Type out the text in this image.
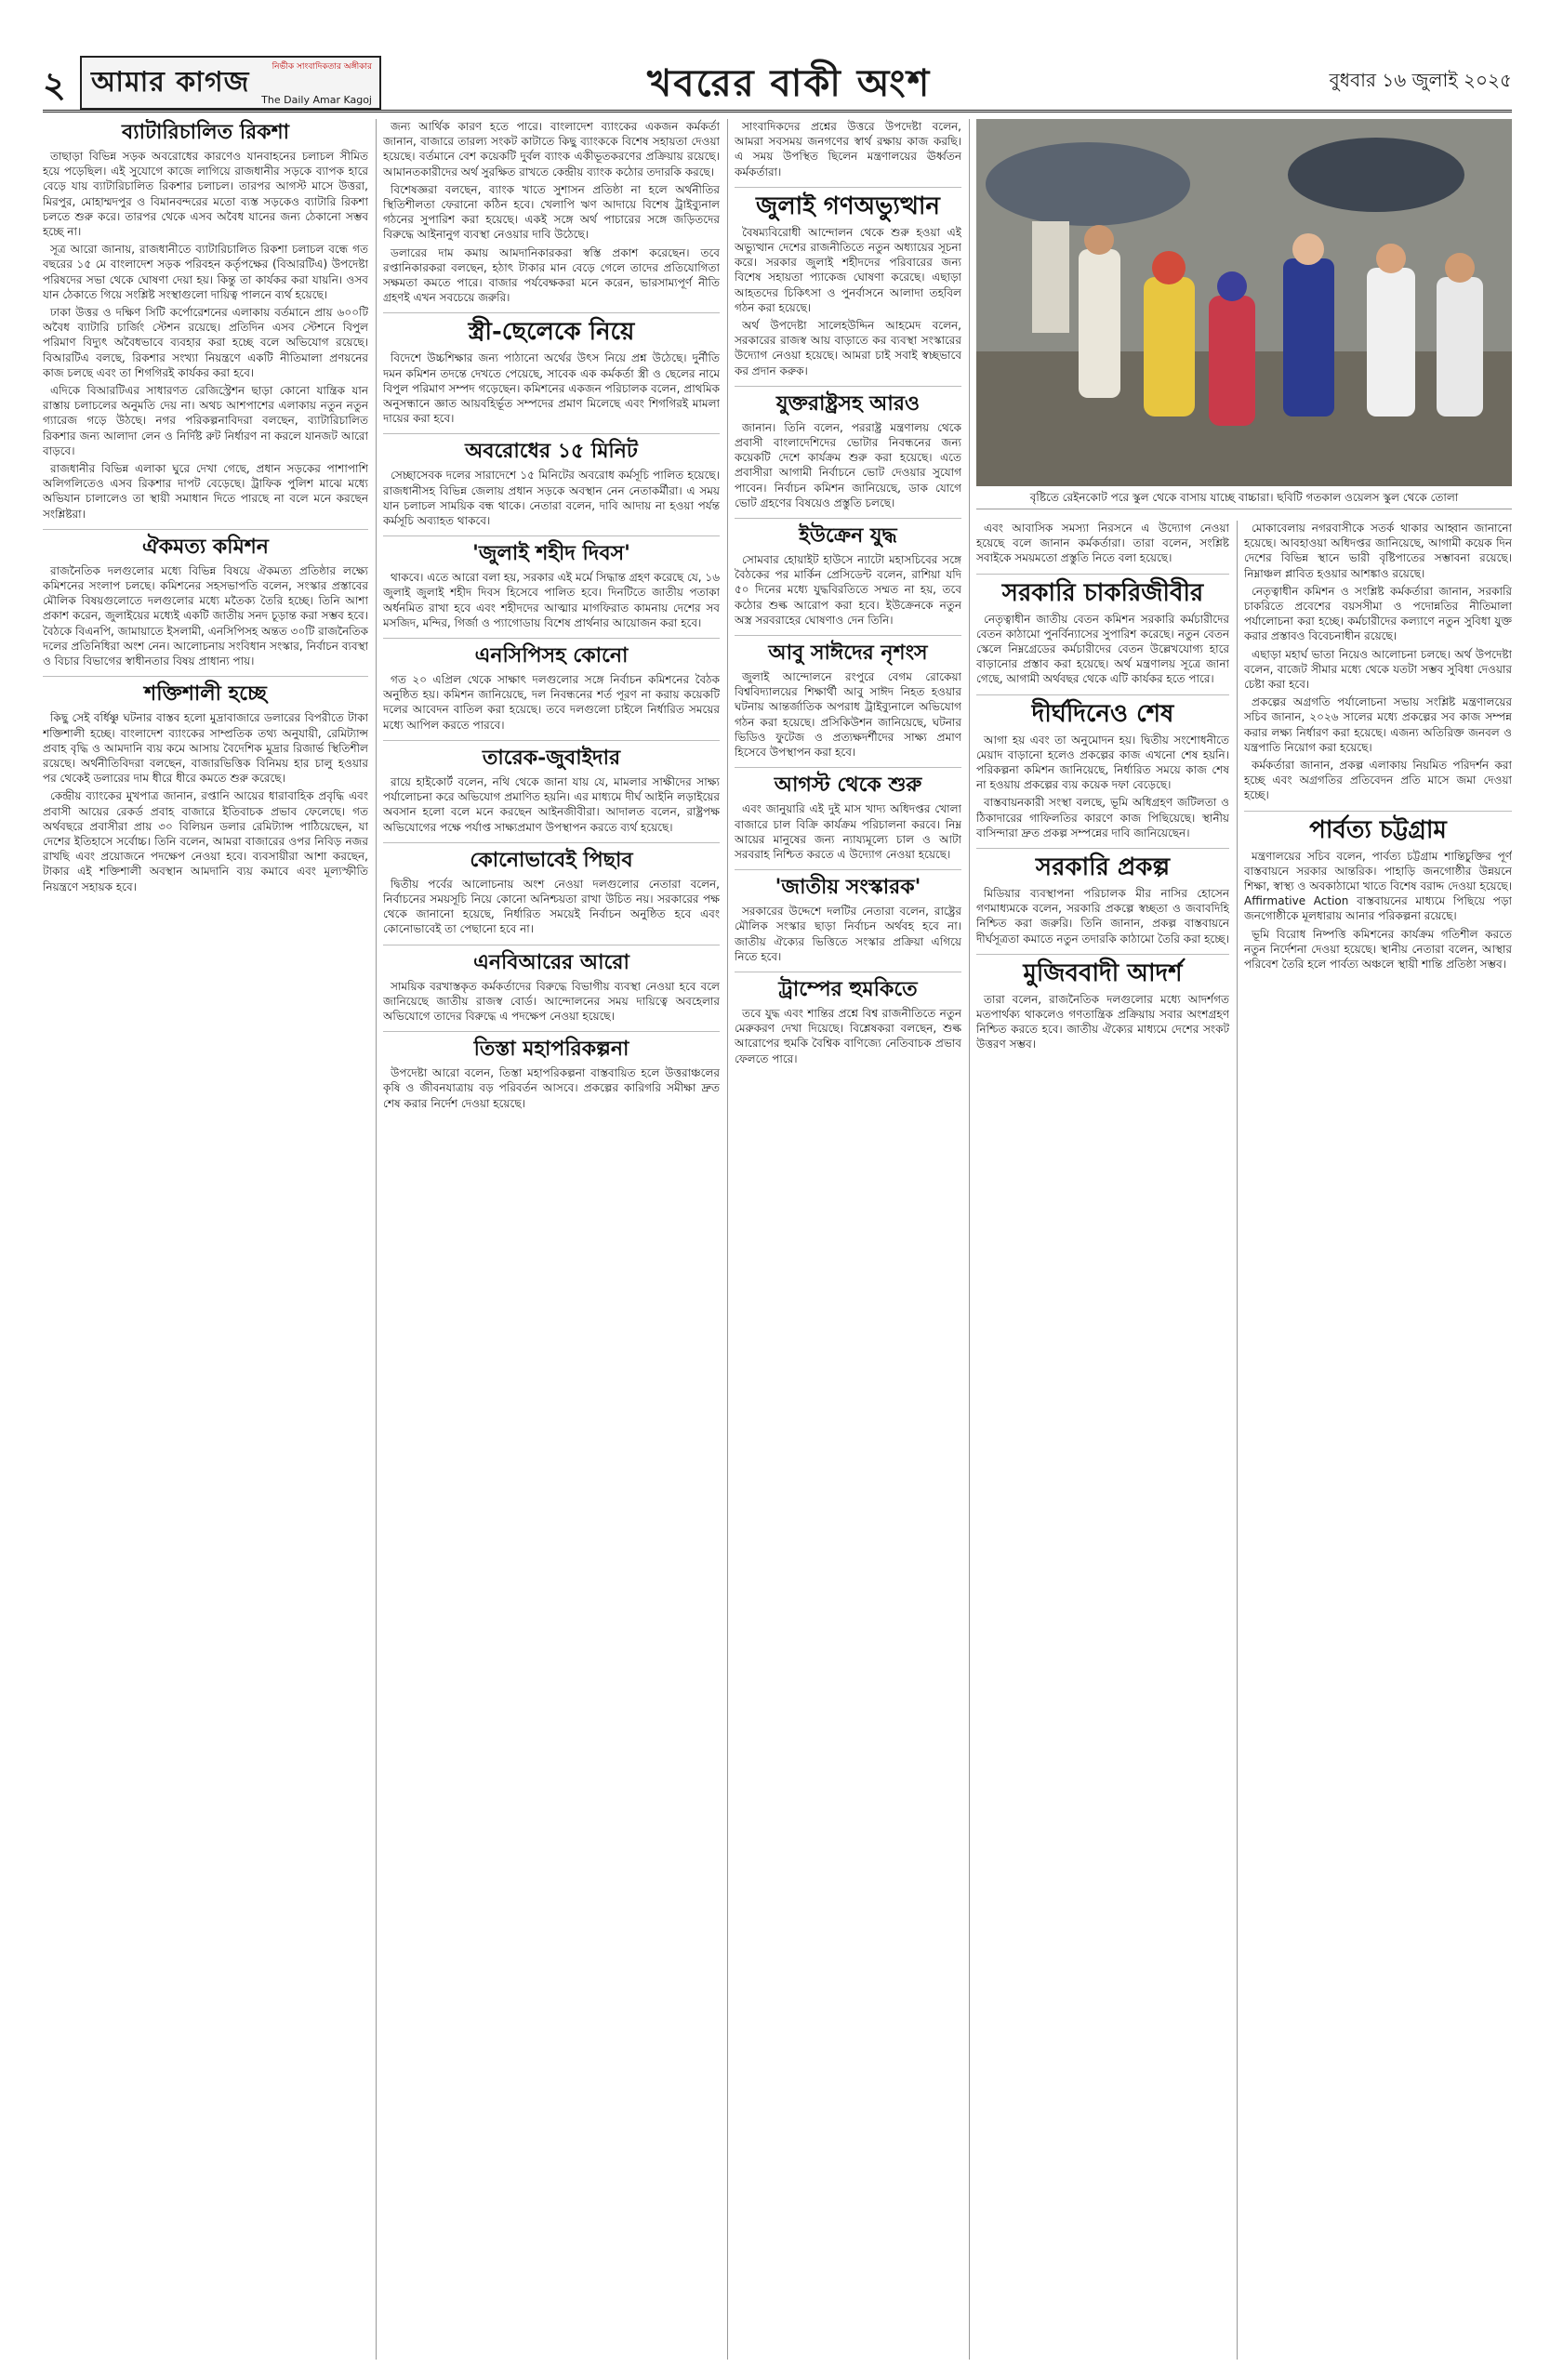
২	নির্ভীক সাংবাদিকতার অঙ্গীকার
আমার কাগজ
The Daily Amar Kagoj	খবরের বাকী অংশ	বুধবার ১৬ জুলাই ২০২৫
ব্যাটারিচালিত রিকশা

তাছাড়া বিভিন্ন সড়ক অবরোধের কারণেও যানবাহনের চলাচল সীমিত হয়ে পড়েছিল। এই সুযোগে কাজে লাগিয়ে রাজধানীর সড়কে ব্যাপক হারে বেড়ে যায় ব্যাটারিচালিত রিকশার চলাচল। তারপর আগস্ট মাসে উত্তরা, মিরপুর, মোহাম্মদপুর ও বিমানবন্দরের মতো ব্যস্ত সড়কেও ব্যাটারি রিকশা চলতে শুরু করে। তারপর থেকে এসব অবৈধ যানের জন্য ঠেকানো সম্ভব হচ্ছে না।

সূত্র আরো জানায়, রাজধানীতে ব্যাটারিচালিত রিকশা চলাচল বন্ধে গত বছরের ১৫ মে বাংলাদেশ সড়ক পরিবহন কর্তৃপক্ষের (বিআরটিএ) উপদেষ্টা পরিষদের সভা থেকে ঘোষণা দেয়া হয়। কিন্তু তা কার্যকর করা যায়নি। ওসব যান ঠেকাতে গিয়ে সংশ্লিষ্ট সংস্থাগুলো দায়িত্ব পালনে ব্যর্থ হয়েছে।

ঢাকা উত্তর ও দক্ষিণ সিটি কর্পোরেশনের এলাকায় বর্তমানে প্রায় ৬০০টি অবৈধ ব্যাটারি চার্জিং স্টেশন রয়েছে। প্রতিদিন এসব স্টেশনে বিপুল পরিমাণ বিদ্যুৎ অবৈধভাবে ব্যবহার করা হচ্ছে বলে অভিযোগ রয়েছে। বিআরটিএ বলছে, রিকশার সংখ্যা নিয়ন্ত্রণে একটি নীতিমালা প্রণয়নের কাজ চলছে এবং তা শিগগিরই কার্যকর করা হবে।

এদিকে বিআরটিএর সাধারণত রেজিস্ট্রেশন ছাড়া কোনো যান্ত্রিক যান রাস্তায় চলাচলের অনুমতি দেয় না। অথচ আশপাশের এলাকায় নতুন নতুন গ্যারেজ গড়ে উঠছে। নগর পরিকল্পনাবিদরা বলছেন, ব্যাটারিচালিত রিকশার জন্য আলাদা লেন ও নির্দিষ্ট রুট নির্ধারণ না করলে যানজট আরো বাড়বে।

রাজধানীর বিভিন্ন এলাকা ঘুরে দেখা গেছে, প্রধান সড়কের পাশাপাশি অলিগলিতেও এসব রিকশার দাপট বেড়েছে। ট্রাফিক পুলিশ মাঝে মধ্যে অভিযান চালালেও তা স্থায়ী সমাধান দিতে পারছে না বলে মনে করছেন সংশ্লিষ্টরা।

ঐকমত্য কমিশন

রাজনৈতিক দলগুলোর মধ্যে বিভিন্ন বিষয়ে ঐকমত্য প্রতিষ্ঠার লক্ষ্যে কমিশনের সংলাপ চলছে। কমিশনের সহসভাপতি বলেন, সংস্কার প্রস্তাবের মৌলিক বিষয়গুলোতে দলগুলোর মধ্যে মতৈক্য তৈরি হচ্ছে। তিনি আশা প্রকাশ করেন, জুলাইয়ের মধ্যেই একটি জাতীয় সনদ চূড়ান্ত করা সম্ভব হবে। বৈঠকে বিএনপি, জামায়াতে ইসলামী, এনসিপিসহ অন্তত ৩০টি রাজনৈতিক দলের প্রতিনিধিরা অংশ নেন। আলোচনায় সংবিধান সংস্কার, নির্বাচন ব্যবস্থা ও বিচার বিভাগের স্বাধীনতার বিষয় প্রাধান্য পায়।

শক্তিশালী হচ্ছে

কিছু সেই বর্ধিষ্ণু ঘটনার বাস্তব হলো মুদ্রাবাজারে ডলারের বিপরীতে টাকা শক্তিশালী হচ্ছে। বাংলাদেশ ব্যাংকের সাম্প্রতিক তথ্য অনুযায়ী, রেমিট্যান্স প্রবাহ বৃদ্ধি ও আমদানি ব্যয় কমে আসায় বৈদেশিক মুদ্রার রিজার্ভ স্থিতিশীল রয়েছে। অর্থনীতিবিদরা বলছেন, বাজারভিত্তিক বিনিময় হার চালু হওয়ার পর থেকেই ডলারের দাম ধীরে ধীরে কমতে শুরু করেছে।

কেন্দ্রীয় ব্যাংকের মুখপাত্র জানান, রপ্তানি আয়ের ধারাবাহিক প্রবৃদ্ধি এবং প্রবাসী আয়ের রেকর্ড প্রবাহ বাজারে ইতিবাচক প্রভাব ফেলেছে। গত অর্থবছরে প্রবাসীরা প্রায় ৩০ বিলিয়ন ডলার রেমিট্যান্স পাঠিয়েছেন, যা দেশের ইতিহাসে সর্বোচ্চ। তিনি বলেন, আমরা বাজারের ওপর নিবিড় নজর রাখছি এবং প্রয়োজনে পদক্ষেপ নেওয়া হবে। ব্যবসায়ীরা আশা করছেন, টাকার এই শক্তিশালী অবস্থান আমদানি ব্যয় কমাবে এবং মূল্যস্ফীতি নিয়ন্ত্রণে সহায়ক হবে।

জন্য আর্থিক কারণ হতে পারে। বাংলাদেশ ব্যাংকের একজন কর্মকর্তা জানান, বাজারে তারল্য সংকট কাটাতে কিছু ব্যাংককে বিশেষ সহায়তা দেওয়া হয়েছে। বর্তমানে বেশ কয়েকটি দুর্বল ব্যাংক একীভূতকরণের প্রক্রিয়ায় রয়েছে। আমানতকারীদের অর্থ সুরক্ষিত রাখতে কেন্দ্রীয় ব্যাংক কঠোর তদারকি করছে।

বিশেষজ্ঞরা বলছেন, ব্যাংক খাতে সুশাসন প্রতিষ্ঠা না হলে অর্থনীতির স্থিতিশীলতা ফেরানো কঠিন হবে। খেলাপি ঋণ আদায়ে বিশেষ ট্রাইব্যুনাল গঠনের সুপারিশ করা হয়েছে। একই সঙ্গে অর্থ পাচারের সঙ্গে জড়িতদের বিরুদ্ধে আইনানুগ ব্যবস্থা নেওয়ার দাবি উঠেছে।

ডলারের দাম কমায় আমদানিকারকরা স্বস্তি প্রকাশ করেছেন। তবে রপ্তানিকারকরা বলছেন, হঠাৎ টাকার মান বেড়ে গেলে তাদের প্রতিযোগিতা সক্ষমতা কমতে পারে। বাজার পর্যবেক্ষকরা মনে করেন, ভারসাম্যপূর্ণ নীতি গ্রহণই এখন সবচেয়ে জরুরি।

স্ত্রী-ছেলেকে নিয়ে

বিদেশে উচ্চশিক্ষার জন্য পাঠানো অর্থের উৎস নিয়ে প্রশ্ন উঠেছে। দুর্নীতি দমন কমিশন তদন্তে দেখতে পেয়েছে, সাবেক এক কর্মকর্তা স্ত্রী ও ছেলের নামে বিপুল পরিমাণ সম্পদ গড়েছেন। কমিশনের একজন পরিচালক বলেন, প্রাথমিক অনুসন্ধানে জ্ঞাত আয়বহির্ভূত সম্পদের প্রমাণ মিলেছে এবং শিগগিরই মামলা দায়ের করা হবে।

অবরোধের ১৫ মিনিট

সেচ্ছাসেবক দলের সারাদেশে ১৫ মিনিটের অবরোধ কর্মসূচি পালিত হয়েছে। রাজধানীসহ বিভিন্ন জেলায় প্রধান সড়কে অবস্থান নেন নেতাকর্মীরা। এ সময় যান চলাচল সাময়িক বন্ধ থাকে। নেতারা বলেন, দাবি আদায় না হওয়া পর্যন্ত কর্মসূচি অব্যাহত থাকবে।

'জুলাই শহীদ দিবস'

থাকবে। এতে আরো বলা হয়, সরকার এই মর্মে সিদ্ধান্ত গ্রহণ করেছে যে, ১৬ জুলাই জুলাই শহীদ দিবস হিসেবে পালিত হবে। দিনটিতে জাতীয় পতাকা অর্ধনমিত রাখা হবে এবং শহীদদের আত্মার মাগফিরাত কামনায় দেশের সব মসজিদ, মন্দির, গির্জা ও প্যাগোডায় বিশেষ প্রার্থনার আয়োজন করা হবে।

এনসিপিসহ কোনো

গত ২০ এপ্রিল থেকে সাক্ষাৎ দলগুলোর সঙ্গে নির্বাচন কমিশনের বৈঠক অনুষ্ঠিত হয়। কমিশন জানিয়েছে, দল নিবন্ধনের শর্ত পূরণ না করায় কয়েকটি দলের আবেদন বাতিল করা হয়েছে। তবে দলগুলো চাইলে নির্ধারিত সময়ের মধ্যে আপিল করতে পারবে।

তারেক-জুবাইদার

রায়ে হাইকোর্ট বলেন, নথি থেকে জানা যায় যে, মামলার সাক্ষীদের সাক্ষ্য পর্যালোচনা করে অভিযোগ প্রমাণিত হয়নি। এর মাধ্যমে দীর্ঘ আইনি লড়াইয়ের অবসান হলো বলে মনে করছেন আইনজীবীরা। আদালত বলেন, রাষ্ট্রপক্ষ অভিযোগের পক্ষে পর্যাপ্ত সাক্ষ্যপ্রমাণ উপস্থাপন করতে ব্যর্থ হয়েছে।

কোনোভাবেই পিছাব

দ্বিতীয় পর্বের আলোচনায় অংশ নেওয়া দলগুলোর নেতারা বলেন, নির্বাচনের সময়সূচি নিয়ে কোনো অনিশ্চয়তা রাখা উচিত নয়। সরকারের পক্ষ থেকে জানানো হয়েছে, নির্ধারিত সময়েই নির্বাচন অনুষ্ঠিত হবে এবং কোনোভাবেই তা পেছানো হবে না।

এনবিআরের আরো

সাময়িক বরখাস্তকৃত কর্মকর্তাদের বিরুদ্ধে বিভাগীয় ব্যবস্থা নেওয়া হবে বলে জানিয়েছে জাতীয় রাজস্ব বোর্ড। আন্দোলনের সময় দায়িত্বে অবহেলার অভিযোগে তাদের বিরুদ্ধে এ পদক্ষেপ নেওয়া হয়েছে।

তিস্তা মহাপরিকল্পনা

উপদেষ্টা আরো বলেন, তিস্তা মহাপরিকল্পনা বাস্তবায়িত হলে উত্তরাঞ্চলের কৃষি ও জীবনযাত্রায় বড় পরিবর্তন আসবে। প্রকল্পের কারিগরি সমীক্ষা দ্রুত শেষ করার নির্দেশ দেওয়া হয়েছে।

সাংবাদিকদের প্রশ্নের উত্তরে উপদেষ্টা বলেন, আমরা সবসময় জনগণের স্বার্থ রক্ষায় কাজ করছি। এ সময় উপস্থিত ছিলেন মন্ত্রণালয়ের ঊর্ধ্বতন কর্মকর্তারা।

জুলাই গণঅভ্যুত্থান

বৈষম্যবিরোধী আন্দোলন থেকে শুরু হওয়া এই অভ্যুত্থান দেশের রাজনীতিতে নতুন অধ্যায়ের সূচনা করে। সরকার জুলাই শহীদদের পরিবারের জন্য বিশেষ সহায়তা প্যাকেজ ঘোষণা করেছে। এছাড়া আহতদের চিকিৎসা ও পুনর্বাসনে আলাদা তহবিল গঠন করা হয়েছে।

অর্থ উপদেষ্টা সালেহউদ্দিন আহমেদ বলেন, সরকারের রাজস্ব আয় বাড়াতে কর ব্যবস্থা সংস্কারের উদ্যোগ নেওয়া হয়েছে। আমরা চাই সবাই স্বচ্ছভাবে কর প্রদান করুক।

যুক্তরাষ্ট্রসহ আরও

জানান। তিনি বলেন, পররাষ্ট্র মন্ত্রণালয় থেকে প্রবাসী বাংলাদেশিদের ভোটার নিবন্ধনের জন্য কয়েকটি দেশে কার্যক্রম শুরু করা হয়েছে। এতে প্রবাসীরা আগামী নির্বাচনে ভোট দেওয়ার সুযোগ পাবেন। নির্বাচন কমিশন জানিয়েছে, ডাক যোগে ভোট গ্রহণের বিষয়েও প্রস্তুতি চলছে।

ইউক্রেন যুদ্ধ

সোমবার হোয়াইট হাউসে ন্যাটো মহাসচিবের সঙ্গে বৈঠকের পর মার্কিন প্রেসিডেন্ট বলেন, রাশিয়া যদি ৫০ দিনের মধ্যে যুদ্ধবিরতিতে সম্মত না হয়, তবে কঠোর শুল্ক আরোপ করা হবে। ইউক্রেনকে নতুন অস্ত্র সরবরাহের ঘোষণাও দেন তিনি।

আবু সাঈদের নৃশংস

জুলাই আন্দোলনে রংপুরে বেগম রোকেয়া বিশ্ববিদ্যালয়ের শিক্ষার্থী আবু সাঈদ নিহত হওয়ার ঘটনায় আন্তর্জাতিক অপরাধ ট্রাইব্যুনালে অভিযোগ গঠন করা হয়েছে। প্রসিকিউশন জানিয়েছে, ঘটনার ভিডিও ফুটেজ ও প্রত্যক্ষদর্শীদের সাক্ষ্য প্রমাণ হিসেবে উপস্থাপন করা হবে।

আগস্ট থেকে শুরু

এবং জানুয়ারি এই দুই মাস খাদ্য অধিদপ্তর খোলা বাজারে চাল বিক্রি কার্যক্রম পরিচালনা করবে। নিম্ন আয়ের মানুষের জন্য ন্যায্যমূল্যে চাল ও আটা সরবরাহ নিশ্চিত করতে এ উদ্যোগ নেওয়া হয়েছে।

'জাতীয় সংস্কারক'

সরকারের উদ্দেশে দলটির নেতারা বলেন, রাষ্ট্রের মৌলিক সংস্কার ছাড়া নির্বাচন অর্থবহ হবে না। জাতীয় ঐক্যের ভিত্তিতে সংস্কার প্রক্রিয়া এগিয়ে নিতে হবে।

ট্রাম্পের হুমকিতে

তবে যুদ্ধ এবং শান্তির প্রশ্নে বিশ্ব রাজনীতিতে নতুন মেরুকরণ দেখা দিয়েছে। বিশ্লেষকরা বলছেন, শুল্ক আরোপের হুমকি বৈশ্বিক বাণিজ্যে নেতিবাচক প্রভাব ফেলতে পারে।

বৃষ্টিতে রেইনকোট পরে স্কুল থেকে বাসায় যাচ্ছে বাচ্চারা। ছবিটি গতকাল ওয়েলস স্কুল থেকে তোলা

এবং আবাসিক সমস্যা নিরসনে এ উদ্যোগ নেওয়া হয়েছে বলে জানান কর্মকর্তারা। তারা বলেন, সংশ্লিষ্ট সবাইকে সময়মতো প্রস্তুতি নিতে বলা হয়েছে।

সরকারি চাকরিজীবীর

নেতৃত্বাধীন জাতীয় বেতন কমিশন সরকারি কর্মচারীদের বেতন কাঠামো পুনর্বিন্যাসের সুপারিশ করেছে। নতুন বেতন স্কেলে নিম্নগ্রেডের কর্মচারীদের বেতন উল্লেখযোগ্য হারে বাড়ানোর প্রস্তাব করা হয়েছে। অর্থ মন্ত্রণালয় সূত্রে জানা গেছে, আগামী অর্থবছর থেকে এটি কার্যকর হতে পারে।

দীর্ঘদিনেও শেষ

আগা হয় এবং তা অনুমোদন হয়। দ্বিতীয় সংশোধনীতে মেয়াদ বাড়ানো হলেও প্রকল্পের কাজ এখনো শেষ হয়নি। পরিকল্পনা কমিশন জানিয়েছে, নির্ধারিত সময়ে কাজ শেষ না হওয়ায় প্রকল্পের ব্যয় কয়েক দফা বেড়েছে।

বাস্তবায়নকারী সংস্থা বলছে, ভূমি অধিগ্রহণ জটিলতা ও ঠিকাদারের গাফিলতির কারণে কাজ পিছিয়েছে। স্থানীয় বাসিন্দারা দ্রুত প্রকল্প সম্পন্নের দাবি জানিয়েছেন।

সরকারি প্রকল্প

মিডিয়ার ব্যবস্থাপনা পরিচালক মীর নাসির হোসেন গণমাধ্যমকে বলেন, সরকারি প্রকল্পে স্বচ্ছতা ও জবাবদিহি নিশ্চিত করা জরুরি। তিনি জানান, প্রকল্প বাস্তবায়নে দীর্ঘসূত্রতা কমাতে নতুন তদারকি কাঠামো তৈরি করা হচ্ছে।

মুজিববাদী আদর্শ

তারা বলেন, রাজনৈতিক দলগুলোর মধ্যে আদর্শগত মতপার্থক্য থাকলেও গণতান্ত্রিক প্রক্রিয়ায় সবার অংশগ্রহণ নিশ্চিত করতে হবে। জাতীয় ঐক্যের মাধ্যমে দেশের সংকট উত্তরণ সম্ভব।

মোকাবেলায় নগরবাসীকে সতর্ক থাকার আহ্বান জানানো হয়েছে। আবহাওয়া অধিদপ্তর জানিয়েছে, আগামী কয়েক দিন দেশের বিভিন্ন স্থানে ভারী বৃষ্টিপাতের সম্ভাবনা রয়েছে। নিম্নাঞ্চল প্লাবিত হওয়ার আশঙ্কাও রয়েছে।

নেতৃত্বাধীন কমিশন ও সংশ্লিষ্ট কর্মকর্তারা জানান, সরকারি চাকরিতে প্রবেশের বয়সসীমা ও পদোন্নতির নীতিমালা পর্যালোচনা করা হচ্ছে। কর্মচারীদের কল্যাণে নতুন সুবিধা যুক্ত করার প্রস্তাবও বিবেচনাধীন রয়েছে।

এছাড়া মহার্ঘ ভাতা নিয়েও আলোচনা চলছে। অর্থ উপদেষ্টা বলেন, বাজেট সীমার মধ্যে থেকে যতটা সম্ভব সুবিধা দেওয়ার চেষ্টা করা হবে।

প্রকল্পের অগ্রগতি পর্যালোচনা সভায় সংশ্লিষ্ট মন্ত্রণালয়ের সচিব জানান, ২০২৬ সালের মধ্যে প্রকল্পের সব কাজ সম্পন্ন করার লক্ষ্য নির্ধারণ করা হয়েছে। এজন্য অতিরিক্ত জনবল ও যন্ত্রপাতি নিয়োগ করা হয়েছে।

কর্মকর্তারা জানান, প্রকল্প এলাকায় নিয়মিত পরিদর্শন করা হচ্ছে এবং অগ্রগতির প্রতিবেদন প্রতি মাসে জমা দেওয়া হচ্ছে।

পার্বত্য চট্টগ্রাম

মন্ত্রণালয়ের সচিব বলেন, পার্বত্য চট্টগ্রাম শান্তিচুক্তির পূর্ণ বাস্তবায়নে সরকার আন্তরিক। পাহাড়ি জনগোষ্ঠীর উন্নয়নে শিক্ষা, স্বাস্থ্য ও অবকাঠামো খাতে বিশেষ বরাদ্দ দেওয়া হয়েছে। Affirmative Action বাস্তবায়নের মাধ্যমে পিছিয়ে পড়া জনগোষ্ঠীকে মূলধারায় আনার পরিকল্পনা রয়েছে।

ভূমি বিরোধ নিষ্পত্তি কমিশনের কার্যক্রম গতিশীল করতে নতুন নির্দেশনা দেওয়া হয়েছে। স্থানীয় নেতারা বলেন, আস্থার পরিবেশ তৈরি হলে পার্বত্য অঞ্চলে স্থায়ী শান্তি প্রতিষ্ঠা সম্ভব।
